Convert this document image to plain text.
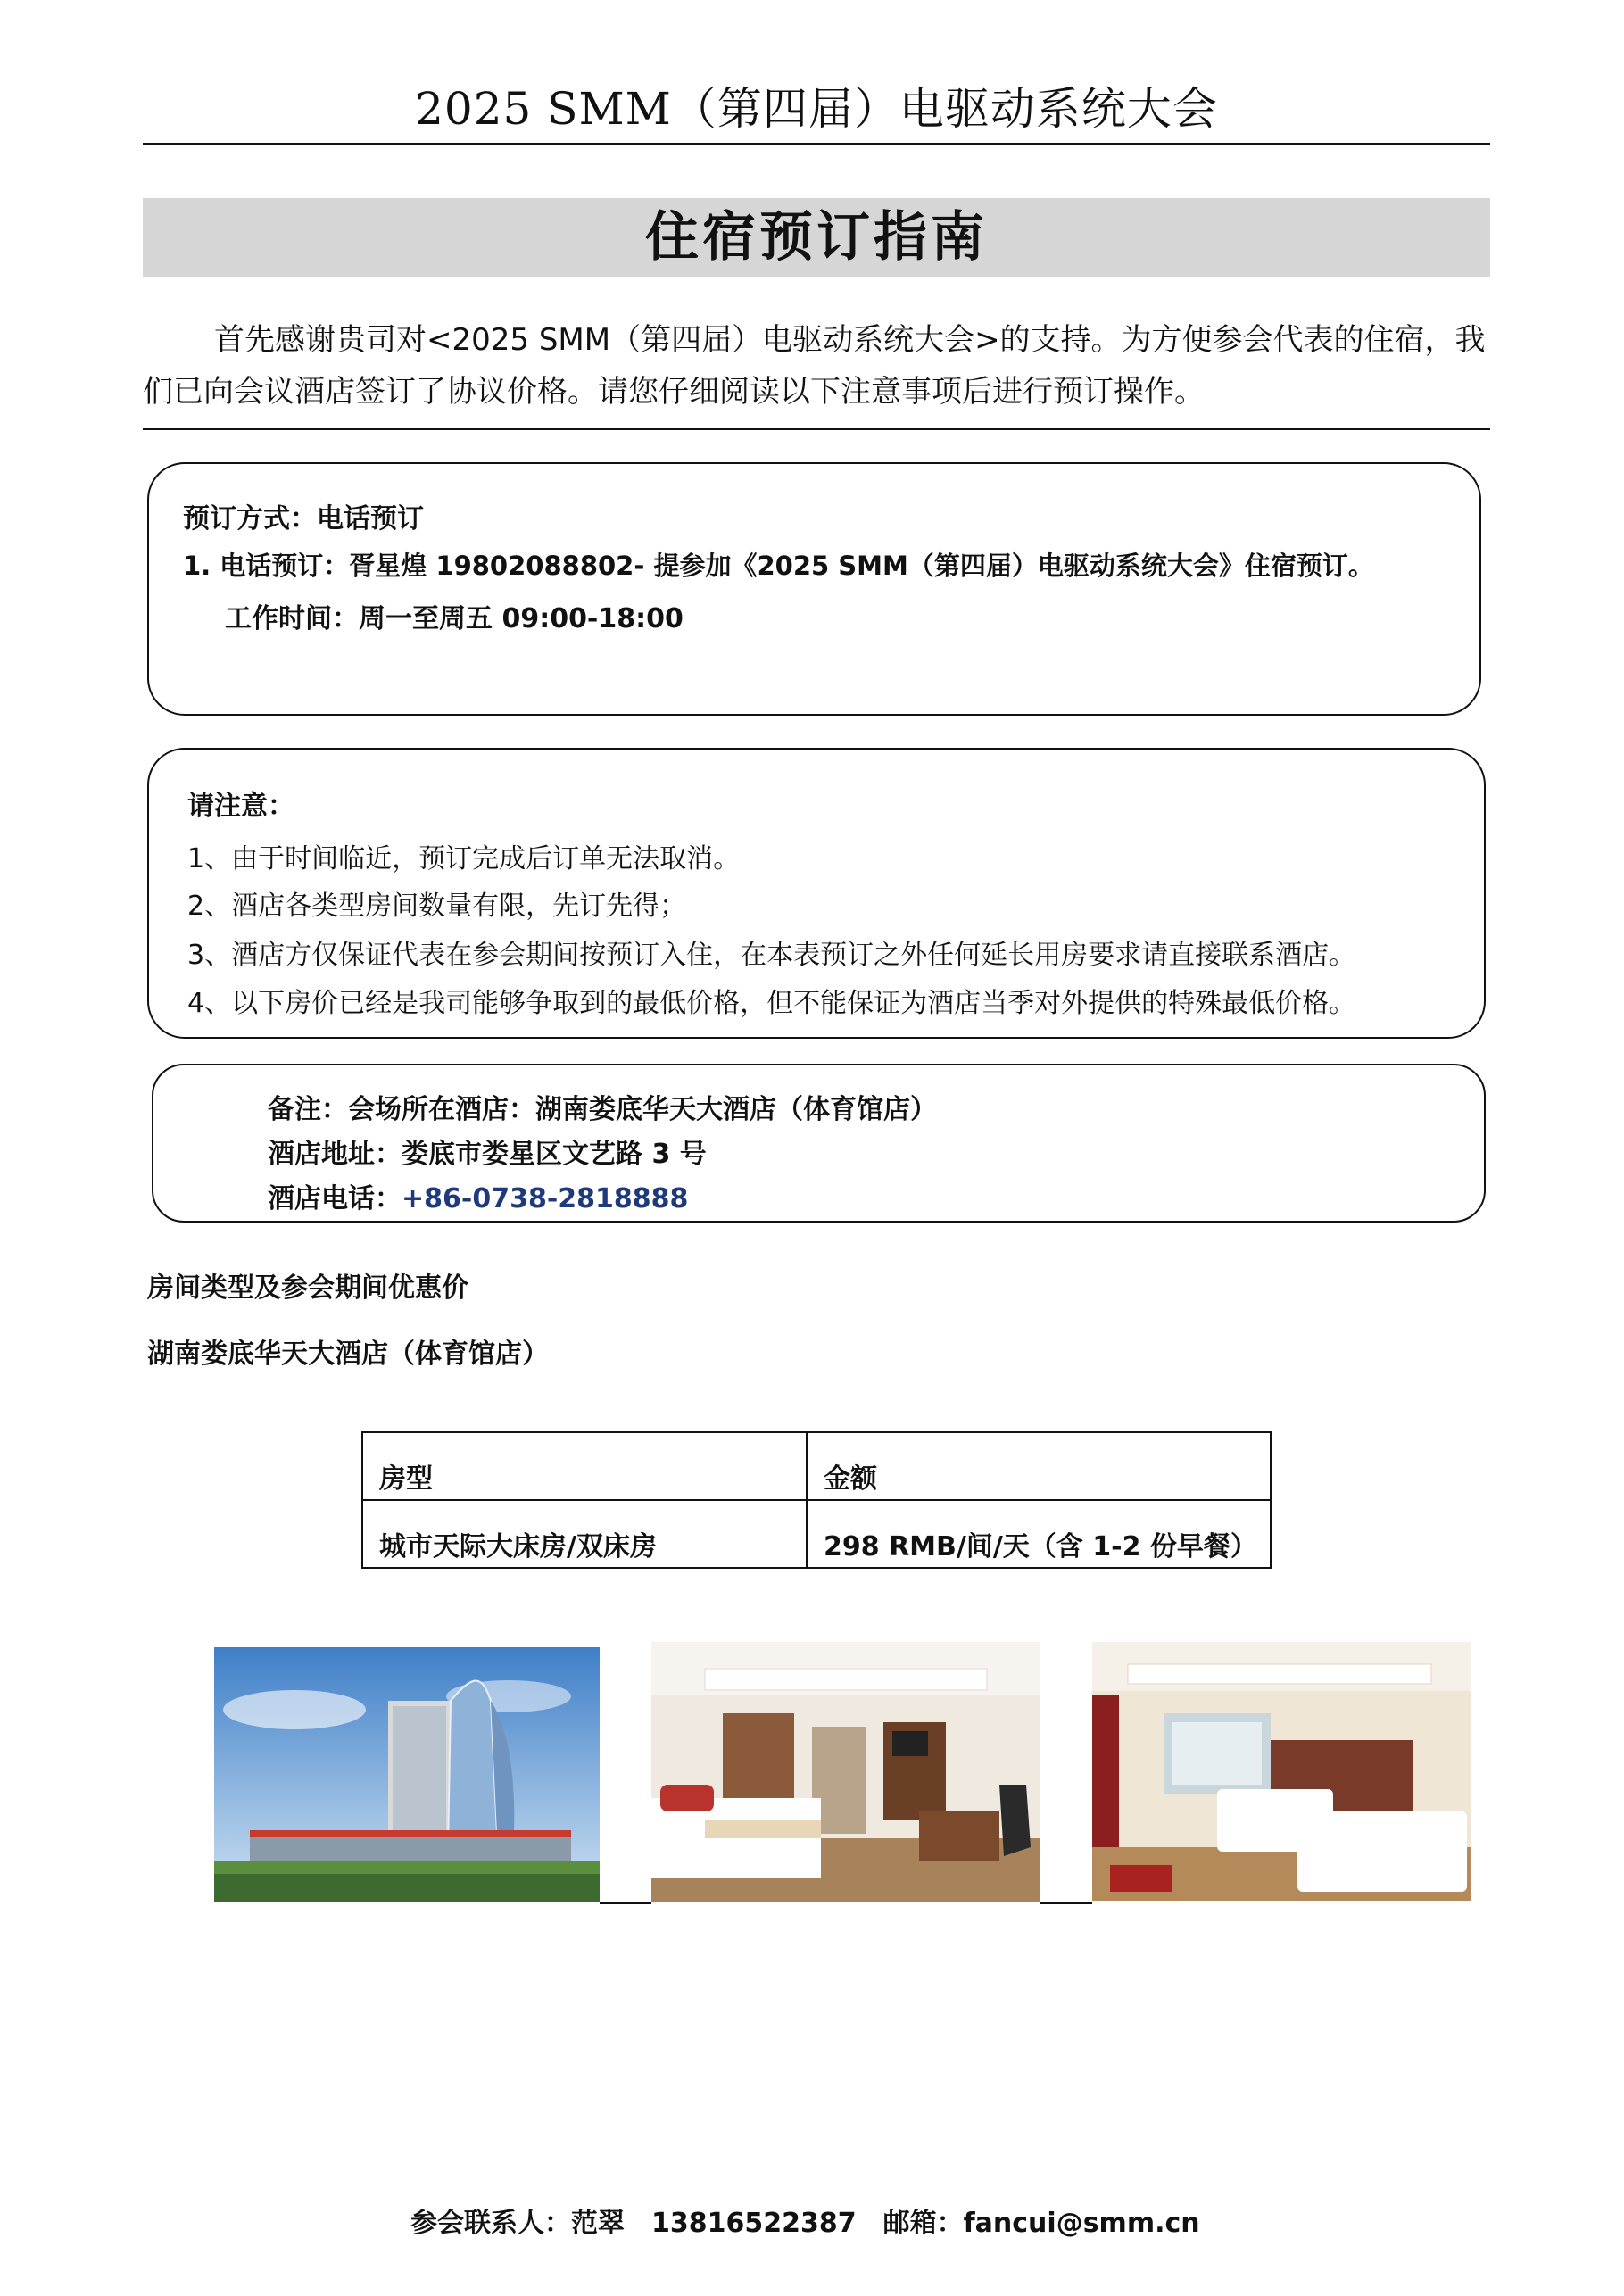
2025 SMM（第四届）电驱动系统大会
住宿预订指南
首先感谢贵司对<2025 SMM（第四届）电驱动系统大会>的支持。为方便参会代表的住宿，我们已向会议酒店签订了协议价格。请您仔细阅读以下注意事项后进行预订操作。
预订方式：电话预订
1. 电话预订：胥星煌 19802088802- 提参加《2025 SMM（第四届）电驱动系统大会》住宿预订。
工作时间：周一至周五 09:00-18:00
请注意：
1、由于时间临近，预订完成后订单无法取消。
2、酒店各类型房间数量有限，先订先得；
3、酒店方仅保证代表在参会期间按预订入住，在本表预订之外任何延长用房要求请直接联系酒店。
4、以下房价已经是我司能够争取到的最低价格，但不能保证为酒店当季对外提供的特殊最低价格。
备注：会场所在酒店：湖南娄底华天大酒店（体育馆店）
酒店地址：娄底市娄星区文艺路 3 号
酒店电话：+86-0738-2818888
房间类型及参会期间优惠价
湖南娄底华天大酒店（体育馆店）
房型	金额
城市天际大床房/双床房	298 RMB/间/天（含 1-2 份早餐）
参会联系人：范翠 13816522387 邮箱：fancui@smm.cn
